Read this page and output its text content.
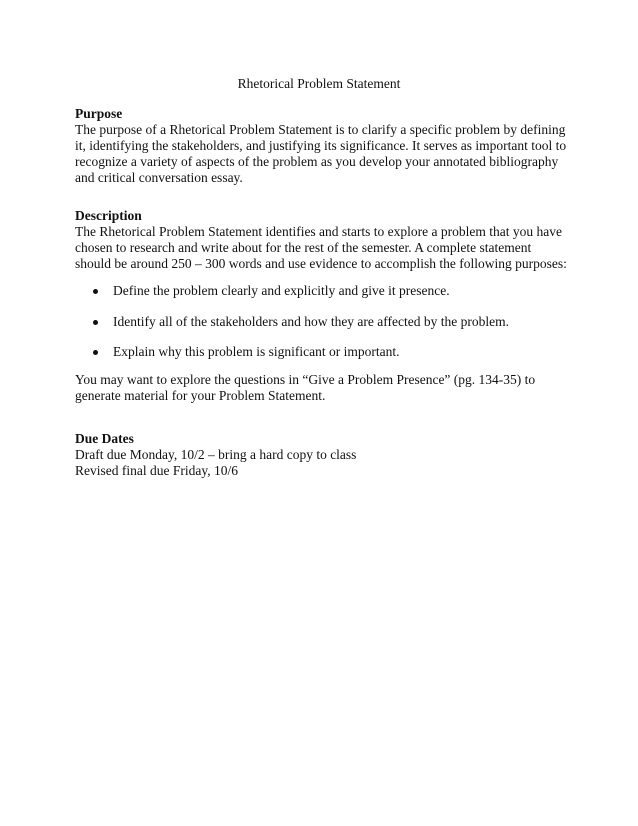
Rhetorical Problem Statement

Purpose

The purpose of a Rhetorical Problem Statement is to clarify a specific problem by defining
it, identifying the stakeholders, and justifying its significance. It serves as important tool to
recognize a variety of aspects of the problem as you develop your annotated bibliography
and critical conversation essay.

Description

The Rhetorical Problem Statement identifies and starts to explore a problem that you have
chosen to research and write about for the rest of the semester. A complete statement
should be around 250 – 300 words and use evidence to accomplish the following purposes:

Define the problem clearly and explicitly and give it presence.
Identify all of the stakeholders and how they are affected by the problem.
Explain why this problem is significant or important.

You may want to explore the questions in “Give a Problem Presence” (pg. 134-35) to
generate material for your Problem Statement.

Due Dates

Draft due Monday, 10/2 – bring a hard copy to class
Revised final due Friday, 10/6
